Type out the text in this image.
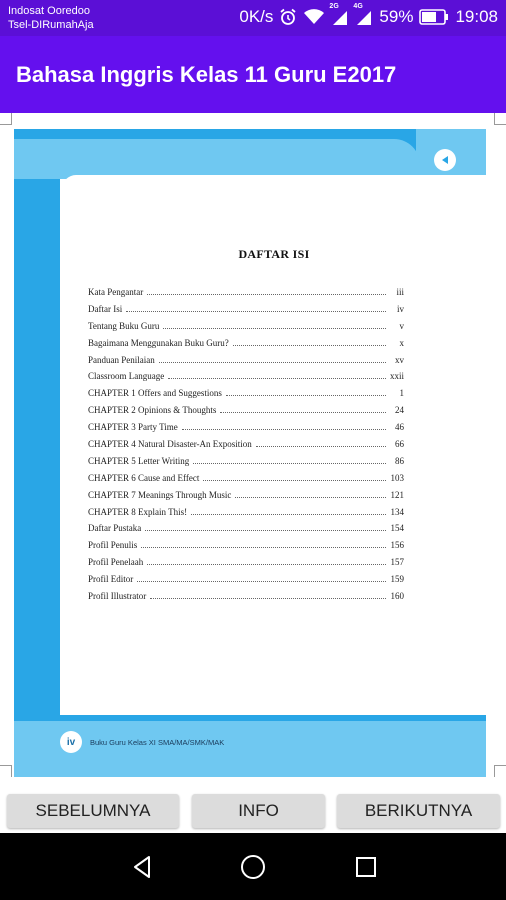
Indosat Ooredoo
Tsel-DIRumahAja	0K/s
2G 4G
59% 19:08
Bahasa Inggris Kelas 11 Guru E2017
DAFTAR ISI
Kata Pengantar	iii
Daftar Isi	iv
Tentang Buku Guru	v
Bagaimana Menggunakan Buku Guru?	x
Panduan Penilaian	xv
Classroom Language	xxii
CHAPTER 1 Offers and Suggestions	1
CHAPTER 2 Opinions & Thoughts	24
CHAPTER 3 Party Time	46
CHAPTER 4 Natural Disaster-An Exposition	66
CHAPTER 5 Letter Writing	86
CHAPTER 6 Cause and Effect	103
CHAPTER 7 Meanings Through Music	121
CHAPTER 8 Explain This!	134
Daftar Pustaka	154
Profil Penulis	156
Profil Penelaah	157
Profil Editor	159
Profil Illustrator	160
iv	Buku Guru Kelas XI SMA/MA/SMK/MAK
SEBELUMNYA	INFO	BERIKUTNYA
